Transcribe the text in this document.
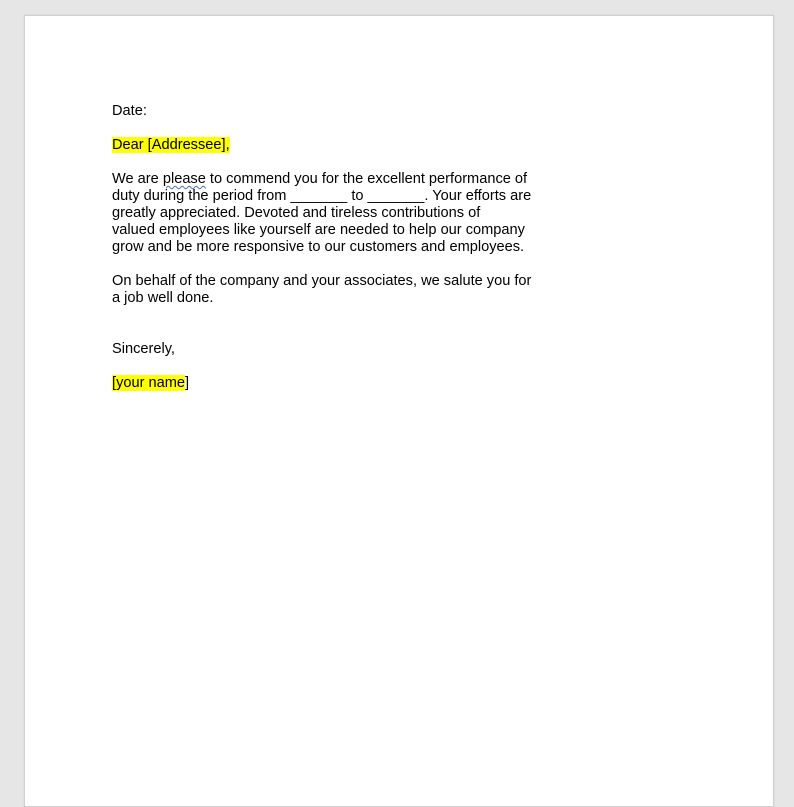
Date:
Dear [Addressee],
We are please to commend you for the excellent performance of
duty during the period from _______ to _______. Your efforts are
greatly appreciated. Devoted and tireless contributions of
valued employees like yourself are needed to help our company
grow and be more responsive to our customers and employees.
On behalf of the company and your associates, we salute you for
a job well done.
Sincerely,
[your name]
